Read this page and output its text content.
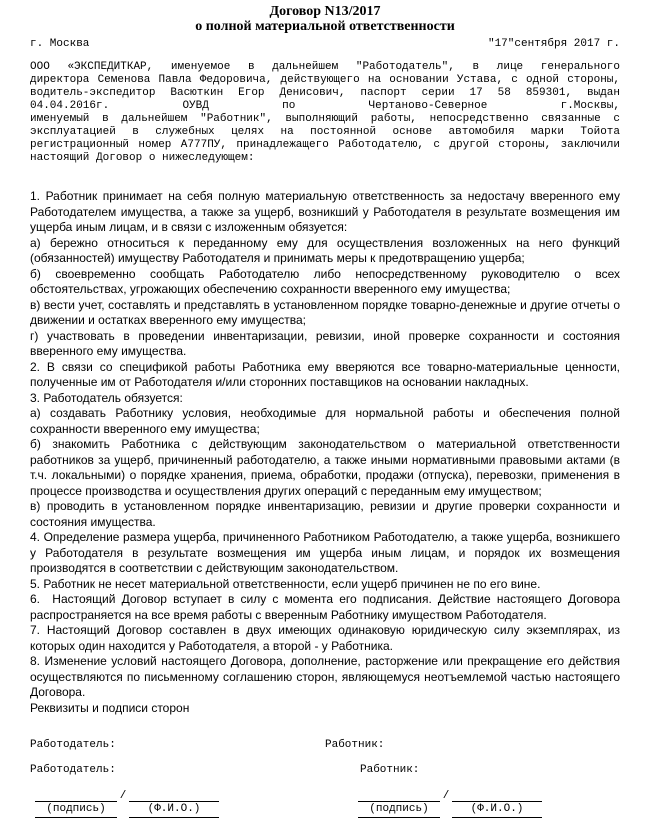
Договор N13/2017
о полной материальной ответственности
г. Москва	"17"сентября 2017 г.
ООО «ЭКСПЕДИТКАР, именуемое в дальнейшем "Работодатель", в лице генерального
директора Семенова Павла Федоровича, действующего на основании Устава, с одной стороны,
водитель-экспедитор Васюткин Егор Денисович, паспорт серии 17 58 859301, выдан
04.04.2016г. ОУВД по Чертаново-Северное г.Москвы,
именуемый в дальнейшем "Работник", выполняющий работы, непосредственно связанные с
эксплуатацией в служебных целях на постоянной основе автомобиля марки Тойота
регистрационный номер А777ПУ, принадлежащего Работодателю, с другой стороны, заключили
настоящий Договор о нижеследующем:
1. Работник принимает на себя полную материальную ответственность за недостачу вверенного ему Работодателем имущества, а также за ущерб, возникший у Работодателя в результате возмещения им ущерба иным лицам, и в связи с изложенным обязуется:
а) бережно относиться к переданному ему для осуществления возложенных на него функций (обязанностей) имуществу Работодателя и принимать меры к предотвращению ущерба;
б) своевременно сообщать Работодателю либо непосредственному руководителю о всех обстоятельствах, угрожающих обеспечению сохранности вверенного ему имущества;
в) вести учет, составлять и представлять в установленном порядке товарно-денежные и другие отчеты о движении и остатках вверенного ему имущества;
г) участвовать в проведении инвентаризации, ревизии, иной проверке сохранности и состояния вверенного ему имущества.
2. В связи со спецификой работы Работника ему вверяются все товарно-материальные ценности, полученные им от Работодателя и/или сторонних поставщиков на основании накладных.
3. Работодатель обязуется:
а) создавать Работнику условия, необходимые для нормальной работы и обеспечения полной сохранности вверенного ему имущества;
б) знакомить Работника с действующим законодательством о материальной ответственности работников за ущерб, причиненный работодателю, а также иными нормативными правовыми актами (в т.ч. локальными) о порядке хранения, приема, обработки, продажи (отпуска), перевозки, применения в процессе производства и осуществления других операций с переданным ему имуществом;
в) проводить в установленном порядке инвентаризацию, ревизии и другие проверки сохранности и состояния имущества.
4. Определение размера ущерба, причиненного Работником Работодателю, а также ущерба, возникшего у Работодателя в результате возмещения им ущерба иным лицам, и порядок их возмещения производятся в соответствии с действующим законодательством.
5. Работник не несет материальной ответственности, если ущерб причинен не по его вине.
6.  Настоящий Договор вступает в силу с момента его подписания. Действие настоящего Договора распространяется на все время работы с вверенным Работнику имуществом Работодателя.
7. Настоящий Договор составлен в двух имеющих одинаковую юридическую силу экземплярах, из которых один находится у Работодателя, а второй - у Работника.
8. Изменение условий настоящего Договора, дополнение, расторжение или прекращение его действия осуществляются по письменному соглашению сторон, являющемуся неотъемлемой частью настоящего Договора.
Реквизиты и подписи сторон
Работодатель:	Работник:
Работодатель:	Работник:
/
(подпись)	(Ф.И.О.)
/
(подпись)	(Ф.И.О.)
